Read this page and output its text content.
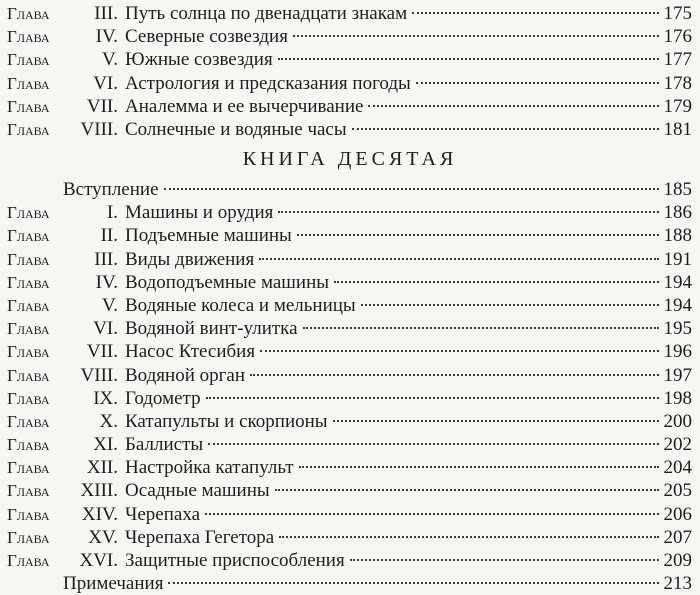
Глава III. Путь солнца по двенадцати знакам	175
Глава IV. Северные созвездия	176
Глава	V. Южные созвездия	177
Глава VI. Астрология и предсказания погоды	178
Глава VII. Аналемма и ее вычерчивание	179
Глава VIII. Солнечные и водяные часы	181
КНИГА ДЕСЯТАЯ
Вступление	185
Глава	I. Машины и орудия	186
Глава	II. Подъемные машины	188
Глава III. Виды движения	191
Глава IV. Водоподъемные машины	194
Глава	V. Водяные колеса и мельницы	194
Глава VI. Водяной винт-улитка	195
Глава VII. Насос Ктесибия	196
Глава VIII. Водяной орган	197
Глава IX. Годометр	198
Глава	X. Катапульты и скорпионы	200
Глава XI. Баллисты	202
Глава XII. Настройка катапульт	204
Глава XIII. Осадные машины	205
Глава XIV. Черепаха	206
Глава XV. Черепаха Гегетора	207
Глава XVI. Защитные приспособления	209
Примечания	213
